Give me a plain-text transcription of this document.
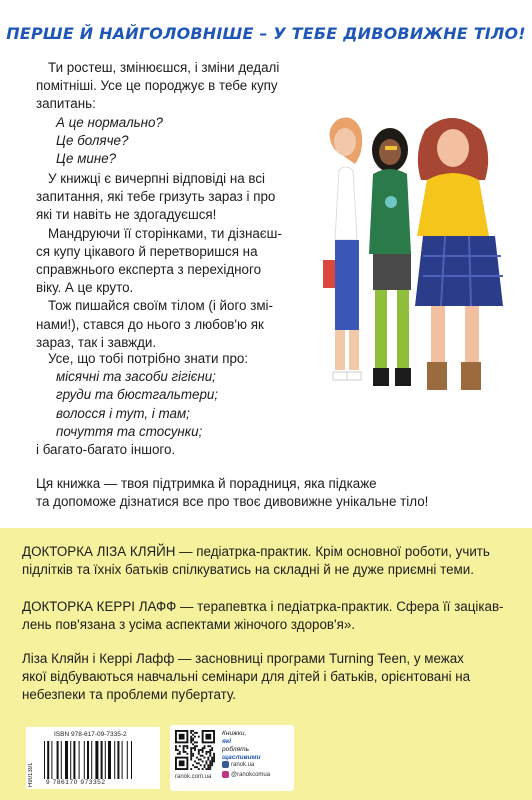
ПЕРШЕ Й НАЙГОЛОВНІШЕ – У ТЕБЕ ДИВОВИЖНЕ ТІЛО!
Ти ростеш, змінюєшся, і зміни дедалі
помітніші. Усе це породжує в тебе купу
запитань:
А це нормально?
Це боляче?
Це мине?
У книжці є вичерпні відповіді на всі
запитання, які тебе гризуть зараз і про
які ти навіть не здогадуєшся!
Мандруючи її сторінками, ти дізнаєш-
ся купу цікавого й перетворишся на
справжнього експерта з перехідного
віку. А це круто.
Тож пишайся своїм тілом (і його змі-
нами!), стався до нього з любов'ю як
зараз, так і завжди.
Усе, що тобі потрібно знати про:
місячні та засоби гігієни;
груди та бюстгальтери;
волосся і тут, і там;
почуття та стосунки;
і багато-багато іншого.
Ця книжка — твоя підтримка й порадниця, яка підкаже
та допоможе дізнатися все про твоє дивовижне унікальне тіло!
ДОКТОРКА ЛІЗА КЛЯЙН — педіатрка-практик. Крім основної роботи, учить
підлітків та їхніх батьків спілкуватись на складні й не дуже приємні теми.
ДОКТОРКА КЕРРІ ЛАФФ — терапевтка і педіатрка-практик. Сфера її зацікав-
лень пов'язана з усіма аспектами жіночого здоров'я».
Ліза Кляйн і Керрі Лафф — засновниці програми Turning Teen, у межах
якої відбуваються навчальні семінари для дітей і батьків, орієнтовані на
небезпеки та проблеми пубертату.
Н901391
ISBN 978-617-09-7335-2
9 786170 973352
Книжки,
які
роблять
щасливими
ranok.ua
@ranokcomua
ranok.com.ua
